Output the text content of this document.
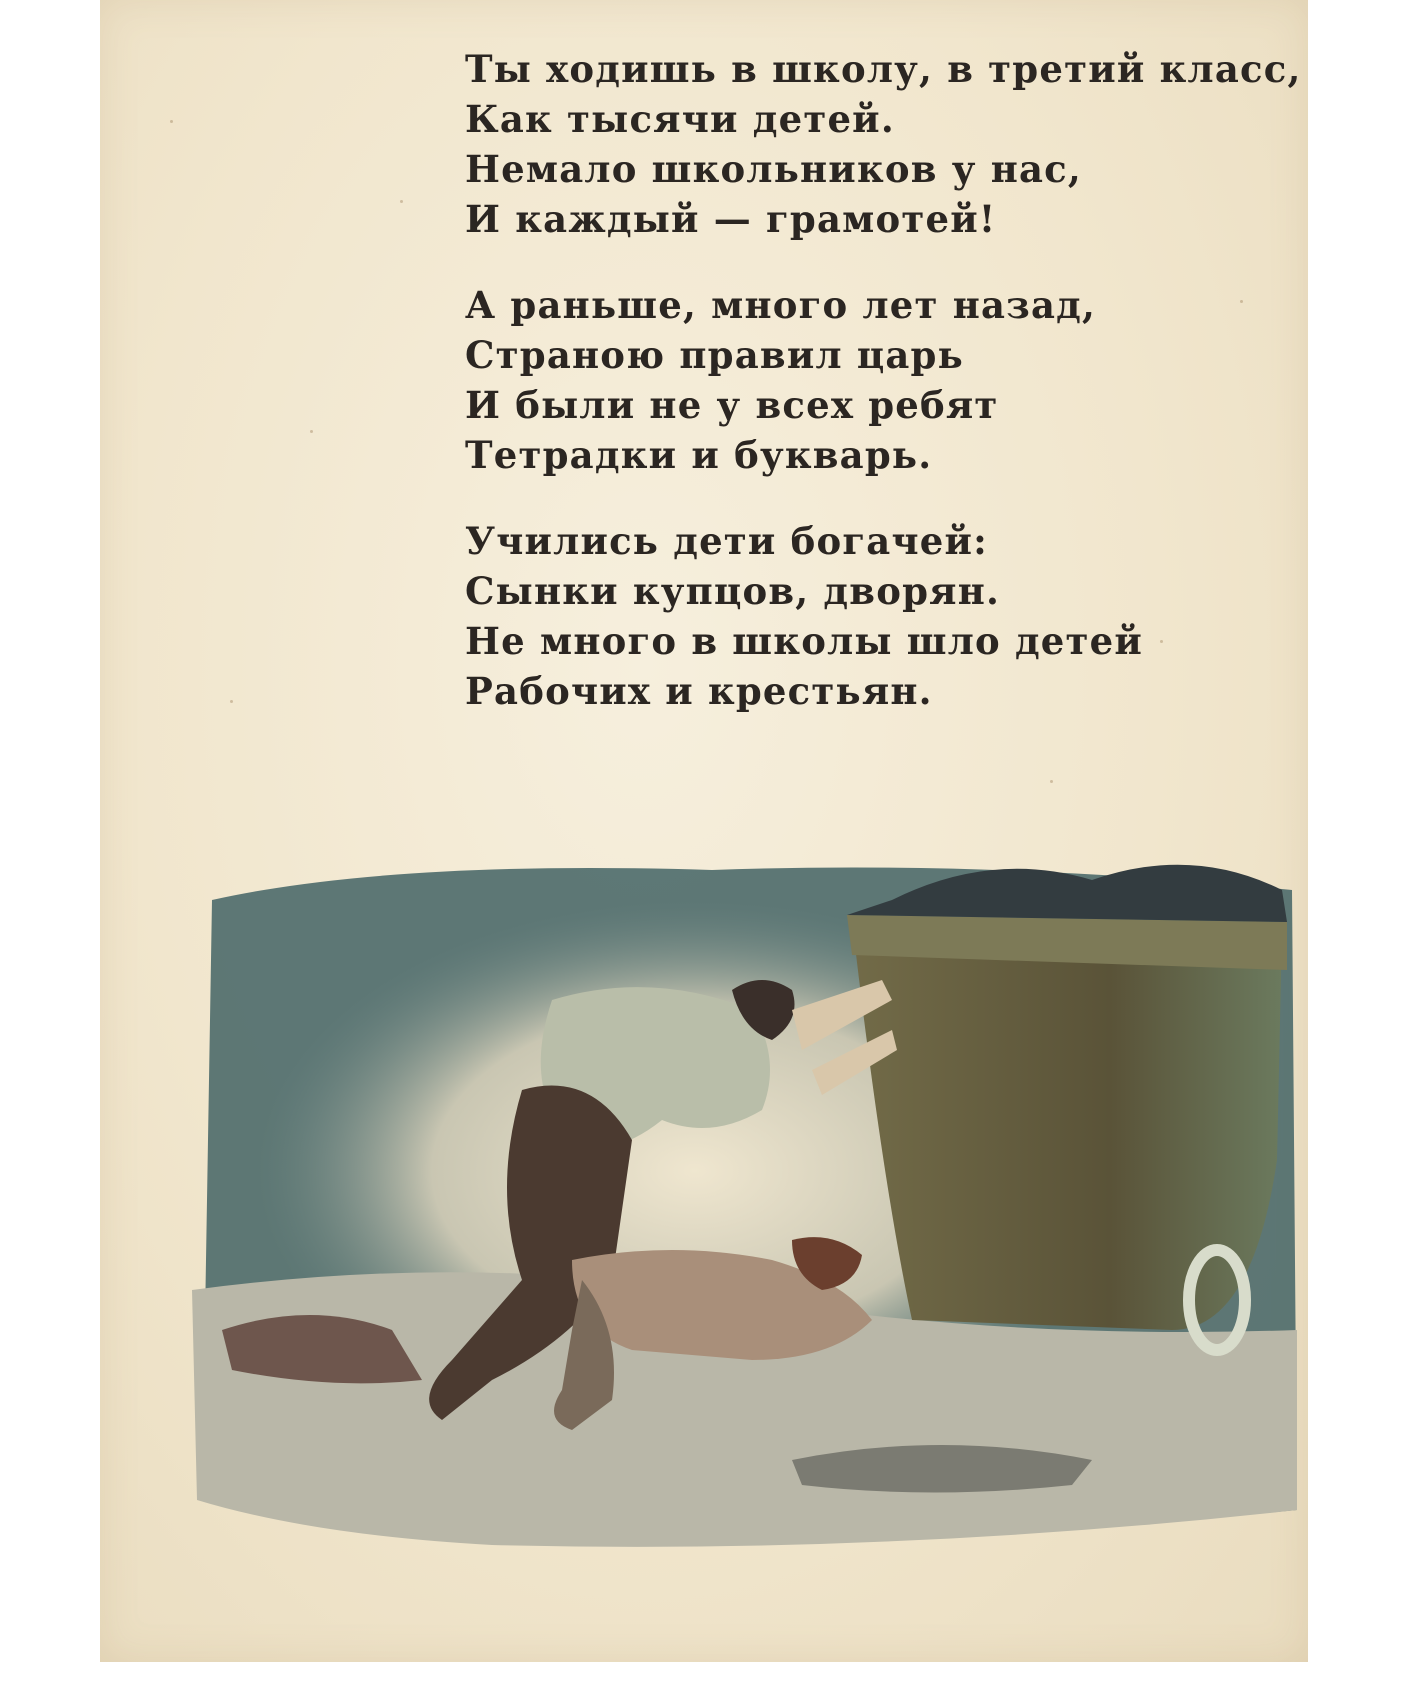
Ты ходишь в школу, в третий класс,
Как тысячи детей.
Немало школьников у нас,
И каждый — грамотей!
А раньше, много лет назад,
Страною правил царь
И были не у всех ребят
Тетрадки и букварь.
Учились дети богачей:
Сынки купцов, дворян.
Не много в школы шло детей
Рабочих и крестьян.
